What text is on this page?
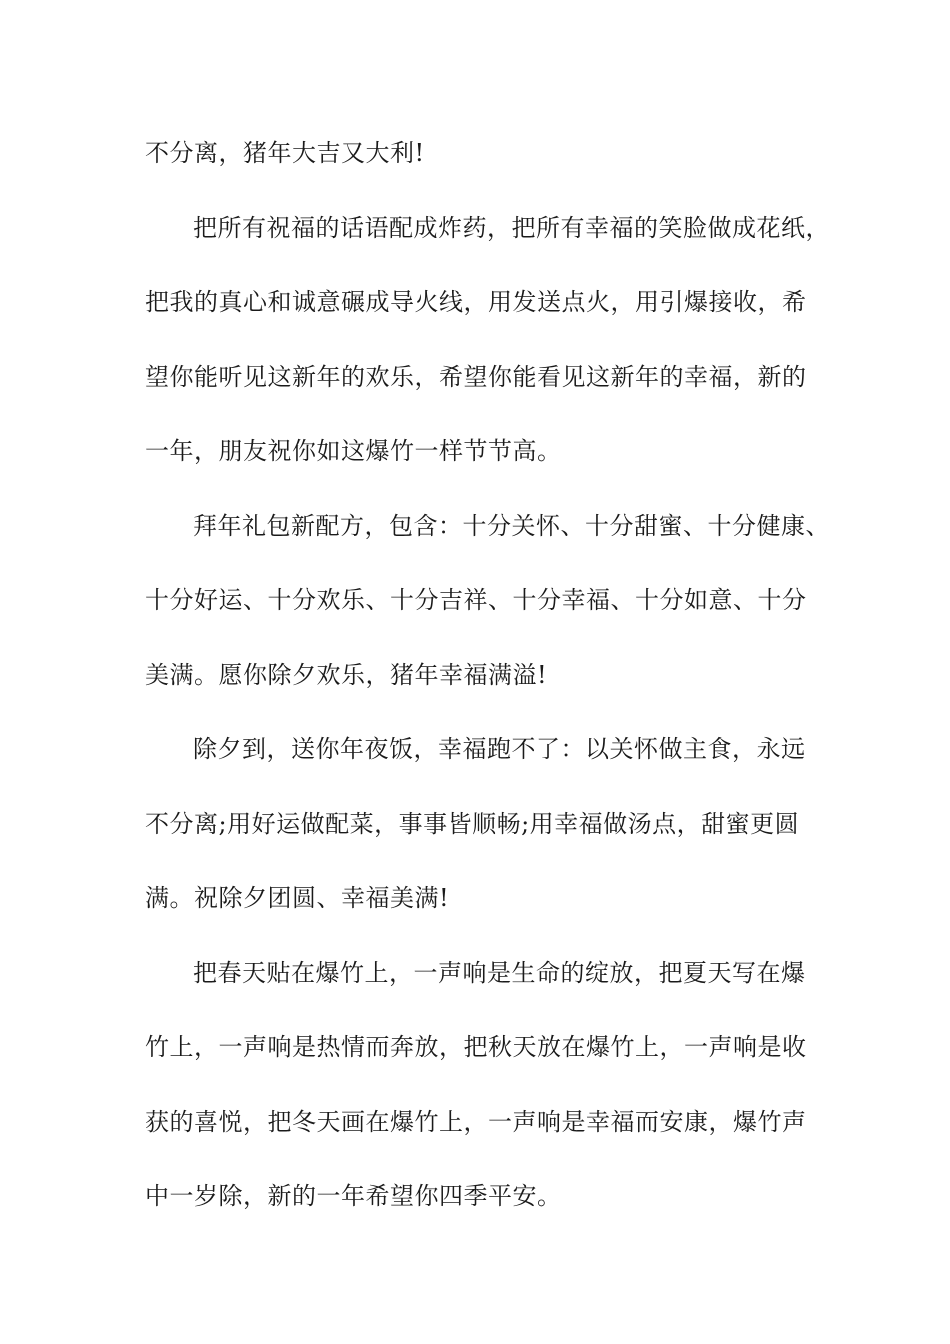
不分离，猪年大吉又大利!
把所有祝福的话语配成炸药，把所有幸福的笑脸做成花纸，
把我的真心和诚意碾成导火线，用发送点火，用引爆接收，希
望你能听见这新年的欢乐，希望你能看见这新年的幸福，新的
一年，朋友祝你如这爆竹一样节节高。
拜年礼包新配方，包含：十分关怀、十分甜蜜、十分健康、
十分好运、十分欢乐、十分吉祥、十分幸福、十分如意、十分
美满。愿你除夕欢乐，猪年幸福满溢!
除夕到，送你年夜饭，幸福跑不了：以关怀做主食，永远
不分离;用好运做配菜，事事皆顺畅;用幸福做汤点，甜蜜更圆
满。祝除夕团圆、幸福美满!
把春天贴在爆竹上，一声响是生命的绽放，把夏天写在爆
竹上，一声响是热情而奔放，把秋天放在爆竹上，一声响是收
获的喜悦，把冬天画在爆竹上，一声响是幸福而安康，爆竹声
中一岁除，新的一年希望你四季平安。
